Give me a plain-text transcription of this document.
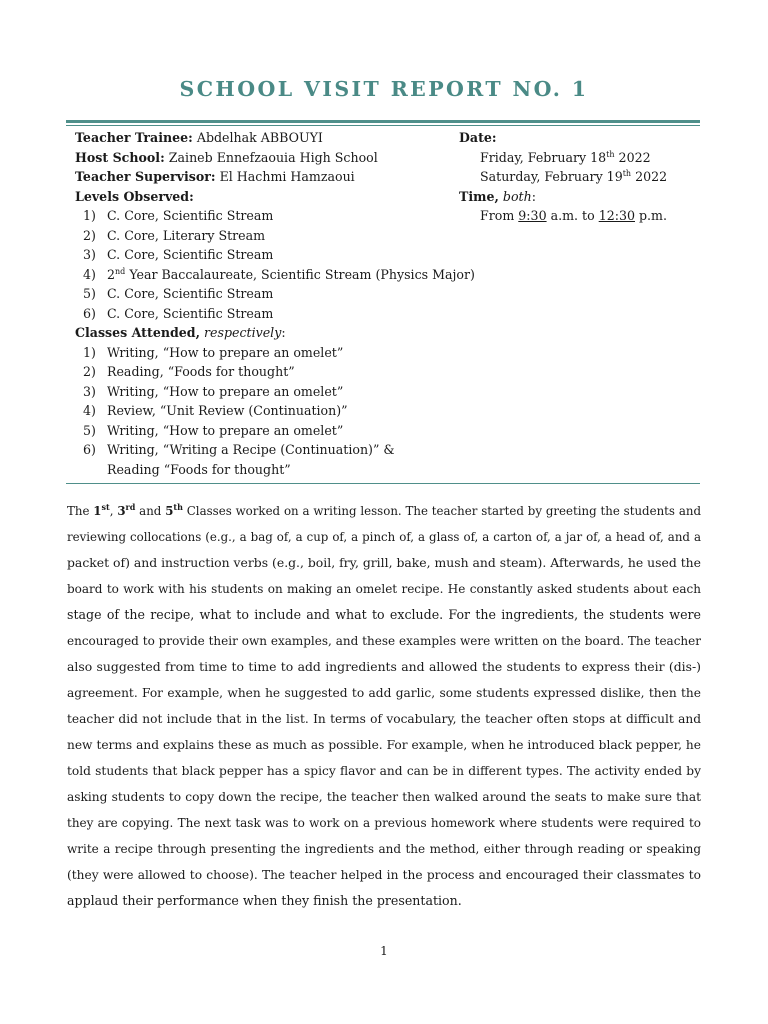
SCHOOL VISIT REPORT NO. 1
Teacher Trainee: Abdelhak ABBOUYI
Host School: Zaineb Ennefzaouia High School
Teacher Supervisor: El Hachmi Hamzaoui
Levels Observed:
1) C. Core, Scientific Stream
2) C. Core, Literary Stream
3) C. Core, Scientific Stream
4) 2nd Year Baccalaureate, Scientific Stream (Physics Major)
5) C. Core, Scientific Stream
6) C. Core, Scientific Stream
Classes Attended, respectively:
1) Writing, “How to prepare an omelet”
2) Reading, “Foods for thought”
3) Writing, “How to prepare an omelet”
4) Review, “Unit Review (Continuation)”
5) Writing, “How to prepare an omelet”
6) Writing, “Writing a Recipe (Continuation)” &
Reading “Foods for thought”
Date:
Friday, February 18th 2022
Saturday, February 19th 2022
Time, both:
From 9:30 a.m. to 12:30 p.m.
The 1st, 3rd and 5th Classes worked on a writing lesson. The teacher started by greeting the students and
reviewing collocations (e.g., a bag of, a cup of, a pinch of, a glass of, a carton of, a jar of, a head of, and a
packet of) and instruction verbs (e.g., boil, fry, grill, bake, mush and steam). Afterwards, he used the
board to work with his students on making an omelet recipe. He constantly asked students about each
stage of the recipe, what to include and what to exclude. For the ingredients, the students were
encouraged to provide their own examples, and these examples were written on the board. The teacher
also suggested from time to time to add ingredients and allowed the students to express their (dis-)
agreement. For example, when he suggested to add garlic, some students expressed dislike, then the
teacher did not include that in the list. In terms of vocabulary, the teacher often stops at difficult and
new terms and explains these as much as possible. For example, when he introduced black pepper, he
told students that black pepper has a spicy flavor and can be in different types. The activity ended by
asking students to copy down the recipe, the teacher then walked around the seats to make sure that
they are copying. The next task was to work on a previous homework where students were required to
write a recipe through presenting the ingredients and the method, either through reading or speaking
(they were allowed to choose). The teacher helped in the process and encouraged their classmates to
applaud their performance when they finish the presentation.
1
